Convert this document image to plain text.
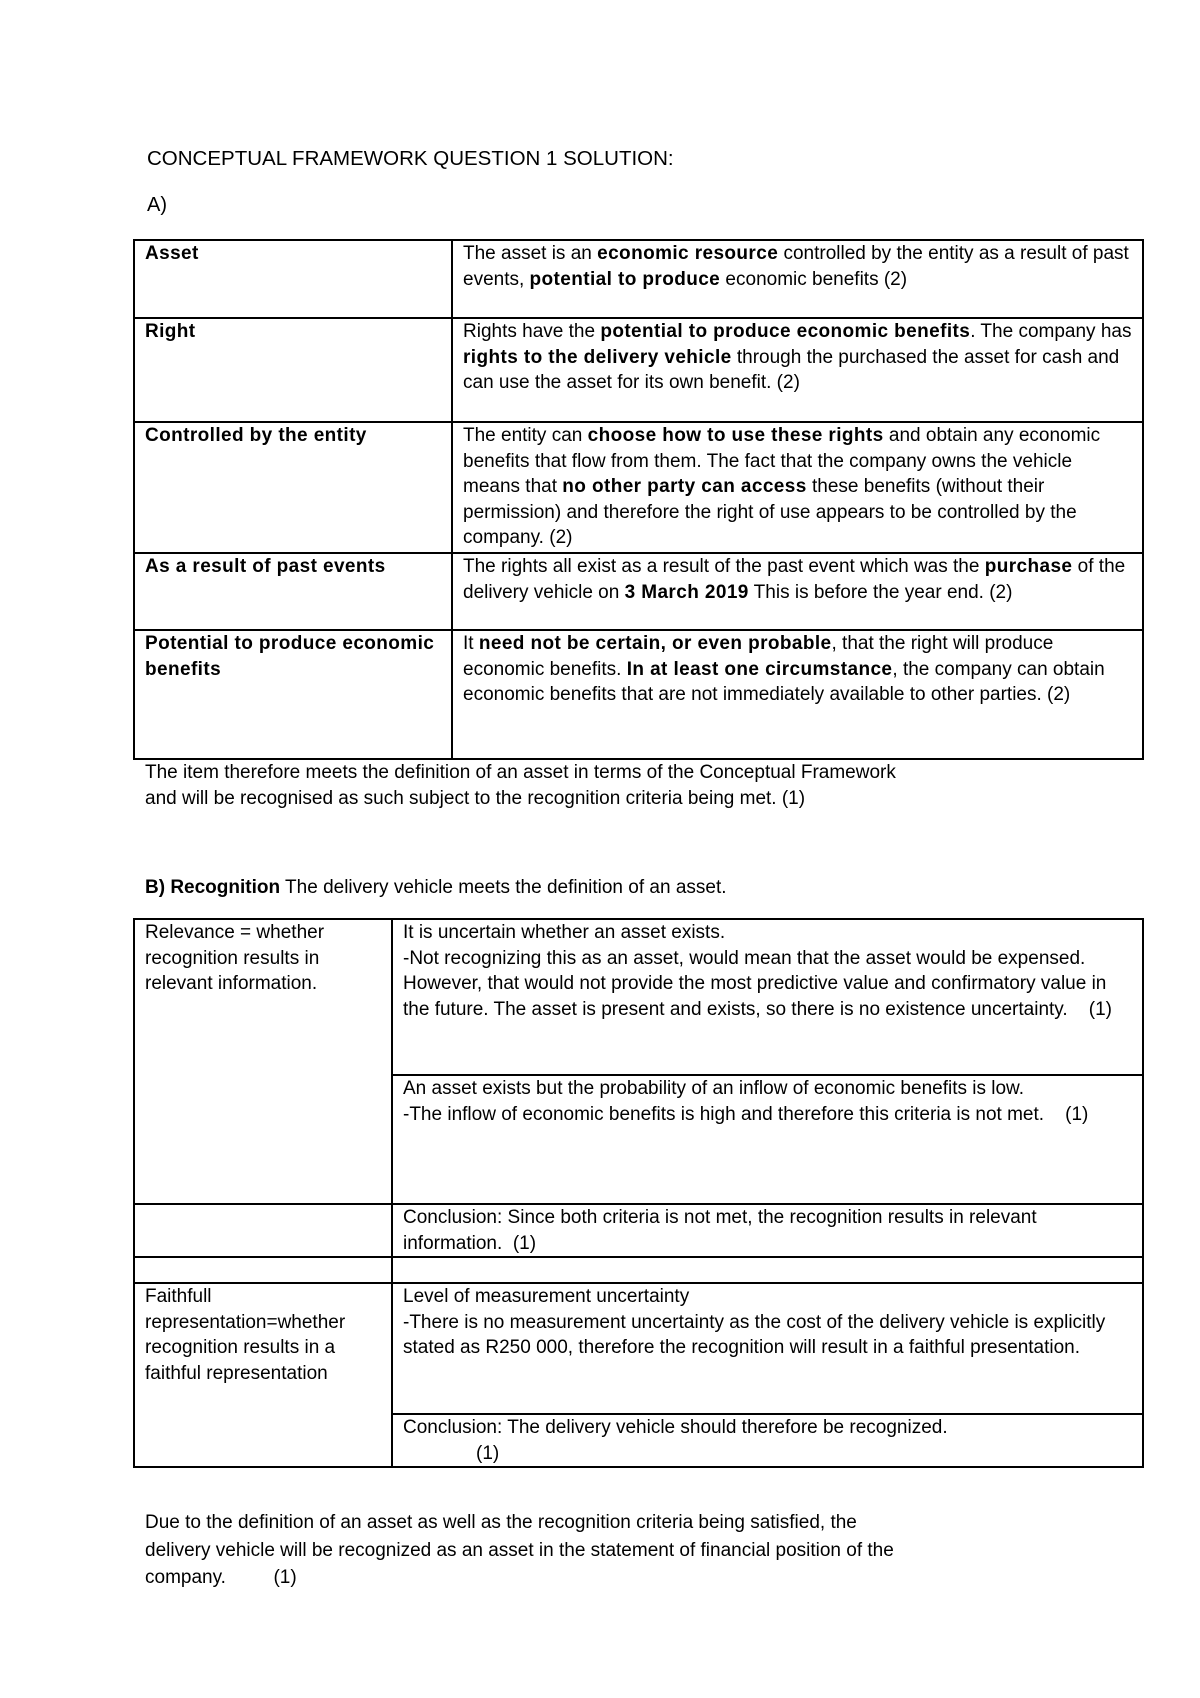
CONCEPTUAL FRAMEWORK QUESTION 1 SOLUTION:
A)
Asset	The asset is an economic resource controlled by the entity as a result of past events, potential to produce economic benefits (2)
Right	Rights have the potential to produce economic benefits. The company has rights to the delivery vehicle through the purchased the asset for cash and can use the asset for its own benefit. (2)
Controlled by the entity	The entity can choose how to use these rights and obtain any economic benefits that flow from them. The fact that the company owns the vehicle means that no other party can access these benefits (without their permission) and therefore the right of use appears to be controlled by the company. (2)
As a result of past events	The rights all exist as a result of the past event which was the purchase of the delivery vehicle on 3 March 2019 This is before the year end. (2)
Potential to produce economic benefits	It need not be certain, or even probable, that the right will produce economic benefits. In at least one circumstance, the company can obtain economic benefits that are not immediately available to other parties. (2)

The item therefore meets the definition of an asset in terms of the Conceptual Framework

and will be recognised as such subject to the recognition criteria being met. (1)

B) Recognition The delivery vehicle meets the definition of an asset.
Relevance = whether recognition results in relevant information.	It is uncertain whether an asset exists.

-Not recognizing this as an asset, would mean that the asset would be expensed. However, that would not provide the most predictive value and confirmatory value in the future. The asset is present and exists, so there is no existence uncertainty.    (1)

	An asset exists but the probability of an inflow of economic benefits is low.

-The inflow of economic benefits is high and therefore this criteria is not met.    (1)

	Conclusion: Since both criteria is not met, the recognition results in relevant information.  (1)

Faithfull representation=whether recognition results in a faithful representation	Level of measurement uncertainty

-There is no measurement uncertainty as the cost of the delivery vehicle is explicitly stated as R250 000, therefore the recognition will result in a faithful presentation.

	Conclusion: The delivery vehicle should therefore be recognized.

(1)

Due to the definition of an asset as well as the recognition criteria being satisfied, the

delivery vehicle will be recognized as an asset in the statement of financial position of the

company.         (1)
